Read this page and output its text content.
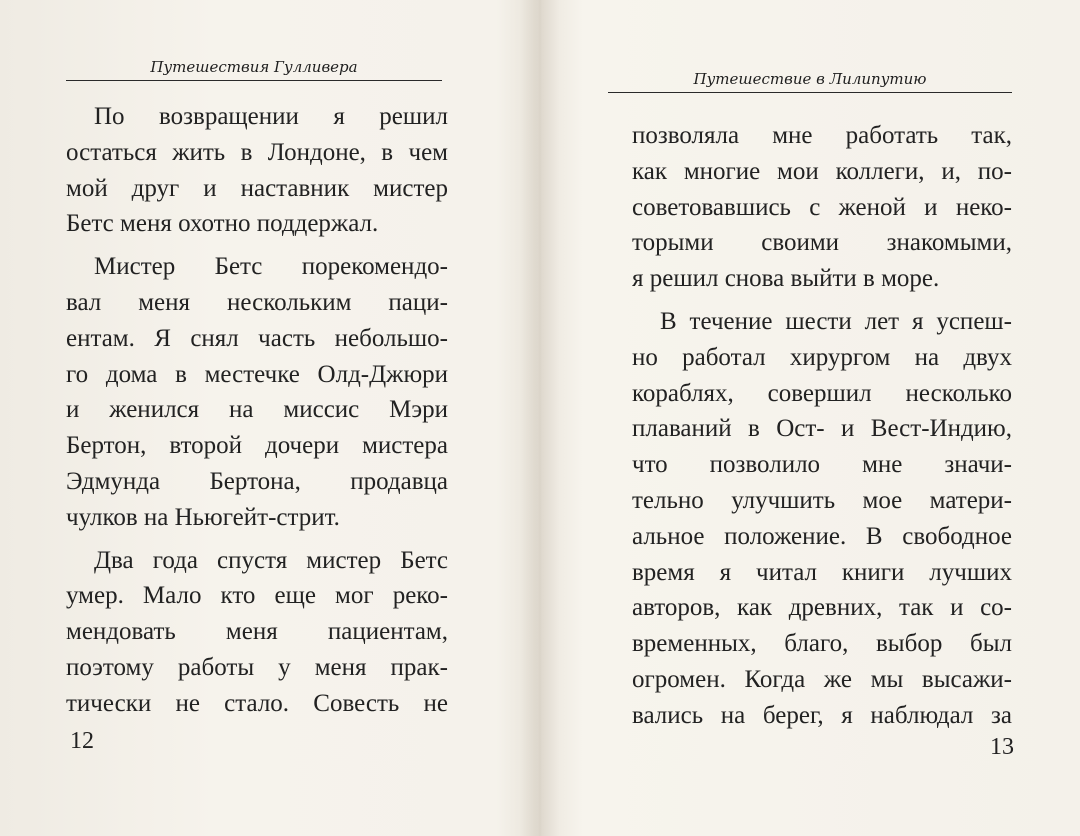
Путешествия Гулливера
По возвращении я решил
остаться жить в Лондоне, в чем
мой друг и наставник мистер
Бетс меня охотно поддержал.
Мистер Бетс порекомендо-
вал меня нескольким паци-
ентам. Я снял часть небольшо-
го дома в местечке Олд-Джюри
и женился на миссис Мэри
Бертон, второй дочери мистера
Эдмунда Бертона, продавца
чулков на Ньюгейт-стрит.
Два года спустя мистер Бетс
умер. Мало кто еще мог реко-
мендовать меня пациентам,
поэтому работы у меня прак-
тически не стало. Совесть не
12
Путешествие в Лилипутию
позволяла мне работать так,
как многие мои коллеги, и, по-
советовавшись с женой и неко-
торыми своими знакомыми,
я решил снова выйти в море.
В течение шести лет я успеш-
но работал хирургом на двух
кораблях, совершил несколько
плаваний в Ост- и Вест-Индию,
что позволило мне значи-
тельно улучшить мое матери-
альное положение. В свободное
время я читал книги лучших
авторов, как древних, так и со-
временных, благо, выбор был
огромен. Когда же мы высажи-
вались на берег, я наблюдал за
13
